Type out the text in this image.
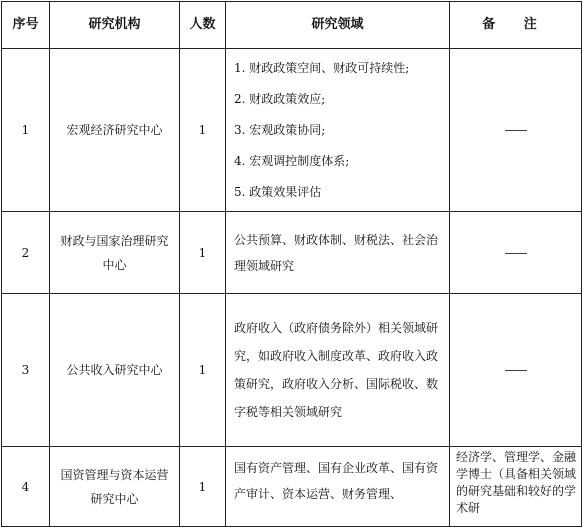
序号	研究机构	人数	研究领域	备 注
1	宏观经济研究中心	1	1. 财政政策空间、财政可持续性;
2. 财政政策效应;
3. 宏观政策协同;
4. 宏观调控制度体系;
5. 政策效果评估	——
2	财政与国家治理研究中心	1	公共预算、财政体制、财税法、社会治理领域研究	——
3	公共收入研究中心	1	政府收入（政府债务除外）相关领域研究，如政府收入制度改革、政府收入政策研究，政府收入分析、国际税收、数字税等相关领域研究	——
4	国资管理与资本运营研究中心	1	国有资产管理、国有企业改革、国有资产审计、资本运营、财务管理、	经济学、管理学、金融学博士（具备相关领域的研究基础和较好的学术研
